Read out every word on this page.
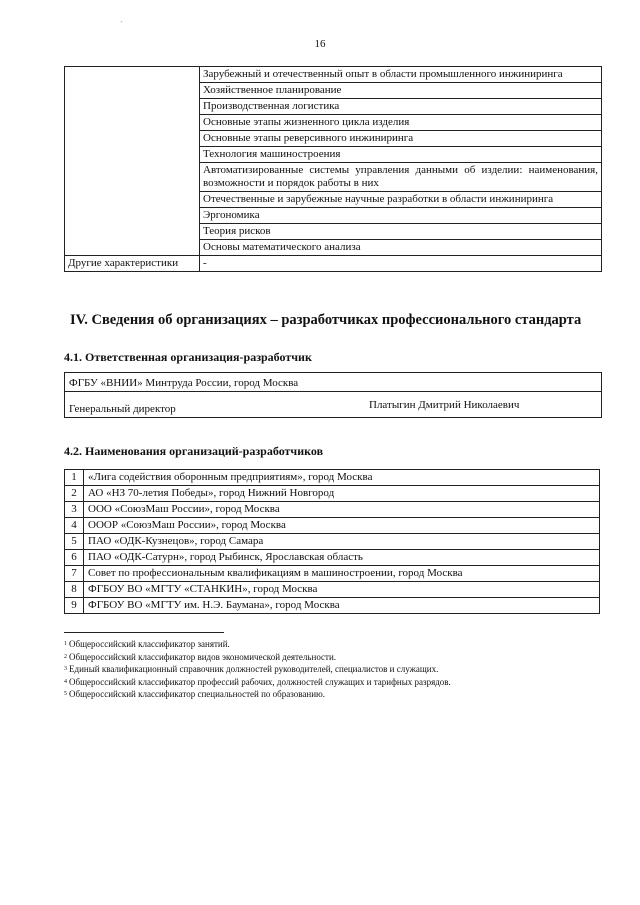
ˊ
16
	Зарубежный и отечественный опыт в области промышленного инжиниринга
	Хозяйственное планирование
	Производственная логистика
	Основные этапы жизненного цикла изделия
	Основные этапы реверсивного инжиниринга
	Технология машиностроения
	Автоматизированные системы управления данными об изделии: наименования, возможности и порядок работы в них
	Отечественные и зарубежные научные разработки в области инжиниринга
	Эргономика
	Теория рисков
	Основы математического анализа
Другие характеристики	-
IV. Сведения об организациях – разработчиках профессионального стандарта
4.1. Ответственная организация-разработчик
ФГБУ «ВНИИ» Минтруда России, город Москва
Генеральный директор	Платыгин Дмитрий Николаевич
4.2. Наименования организаций-разработчиков
1	«Лига содействия оборонным предприятиям», город Москва
2	АО «НЗ 70-летия Победы», город Нижний Новгород
3	ООО «СоюзМаш России», город Москва
4	ООOР «СоюзМаш России», город Москва
5	ПАО «ОДК-Кузнецов», город Самара
6	ПАО «ОДК-Сатурн», город Рыбинск, Ярославская область
7	Совет по профессиональным квалификациям в машиностроении, город Москва
8	ФГБОУ ВО «МГТУ «СТАНКИН», город Москва
9	ФГБОУ ВО «МГТУ им. Н.Э. Баумана», город Москва
$^1$ Общероссийский классификатор занятий.
$^2$ Общероссийский классификатор видов экономической деятельности.
$^3$ Единый квалификационный справочник должностей руководителей, специалистов и служащих.
$^4$ Общероссийский классификатор профессий рабочих, должностей служащих и тарифных разрядов.
$^5$ Общероссийский классификатор специальностей по образованию.
